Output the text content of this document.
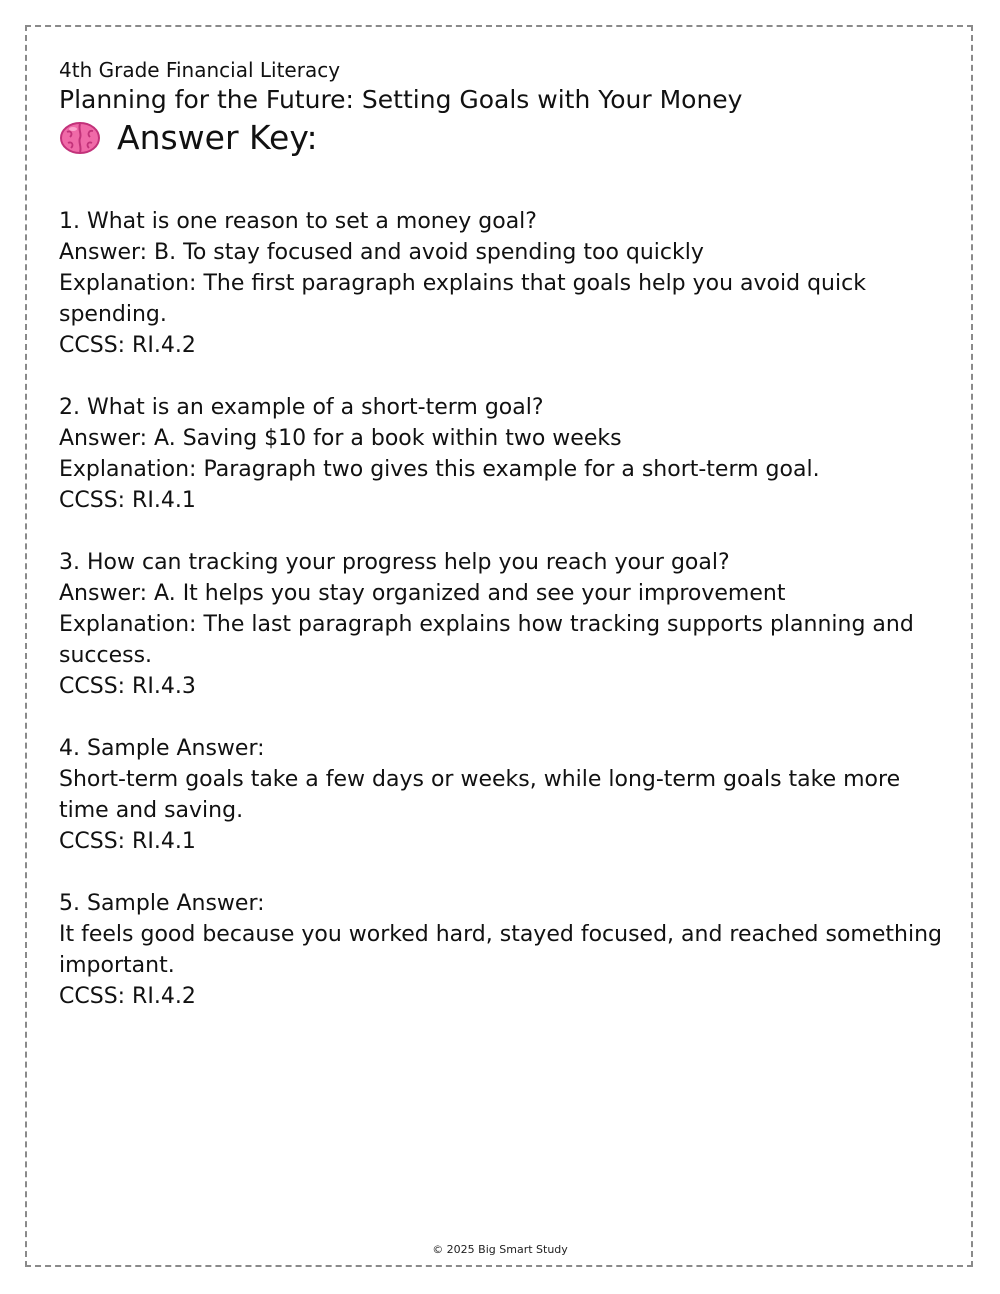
4th Grade Financial Literacy

Planning for the Future: Setting Goals with Your Money

Answer Key:

1. What is one reason to set a money goal?

Answer: B. To stay focused and avoid spending too quickly

Explanation: The first paragraph explains that goals help you avoid quick spending.

CCSS: RI.4.2

2. What is an example of a short-term goal?

Answer: A. Saving $10 for a book within two weeks

Explanation: Paragraph two gives this example for a short-term goal.

CCSS: RI.4.1

3. How can tracking your progress help you reach your goal?

Answer: A. It helps you stay organized and see your improvement

Explanation: The last paragraph explains how tracking supports planning and success.

CCSS: RI.4.3

4. Sample Answer:

Short-term goals take a few days or weeks, while long-term goals take more time and saving.

CCSS: RI.4.1

5. Sample Answer:

It feels good because you worked hard, stayed focused, and reached something important.

CCSS: RI.4.2

© 2025 Big Smart Study
